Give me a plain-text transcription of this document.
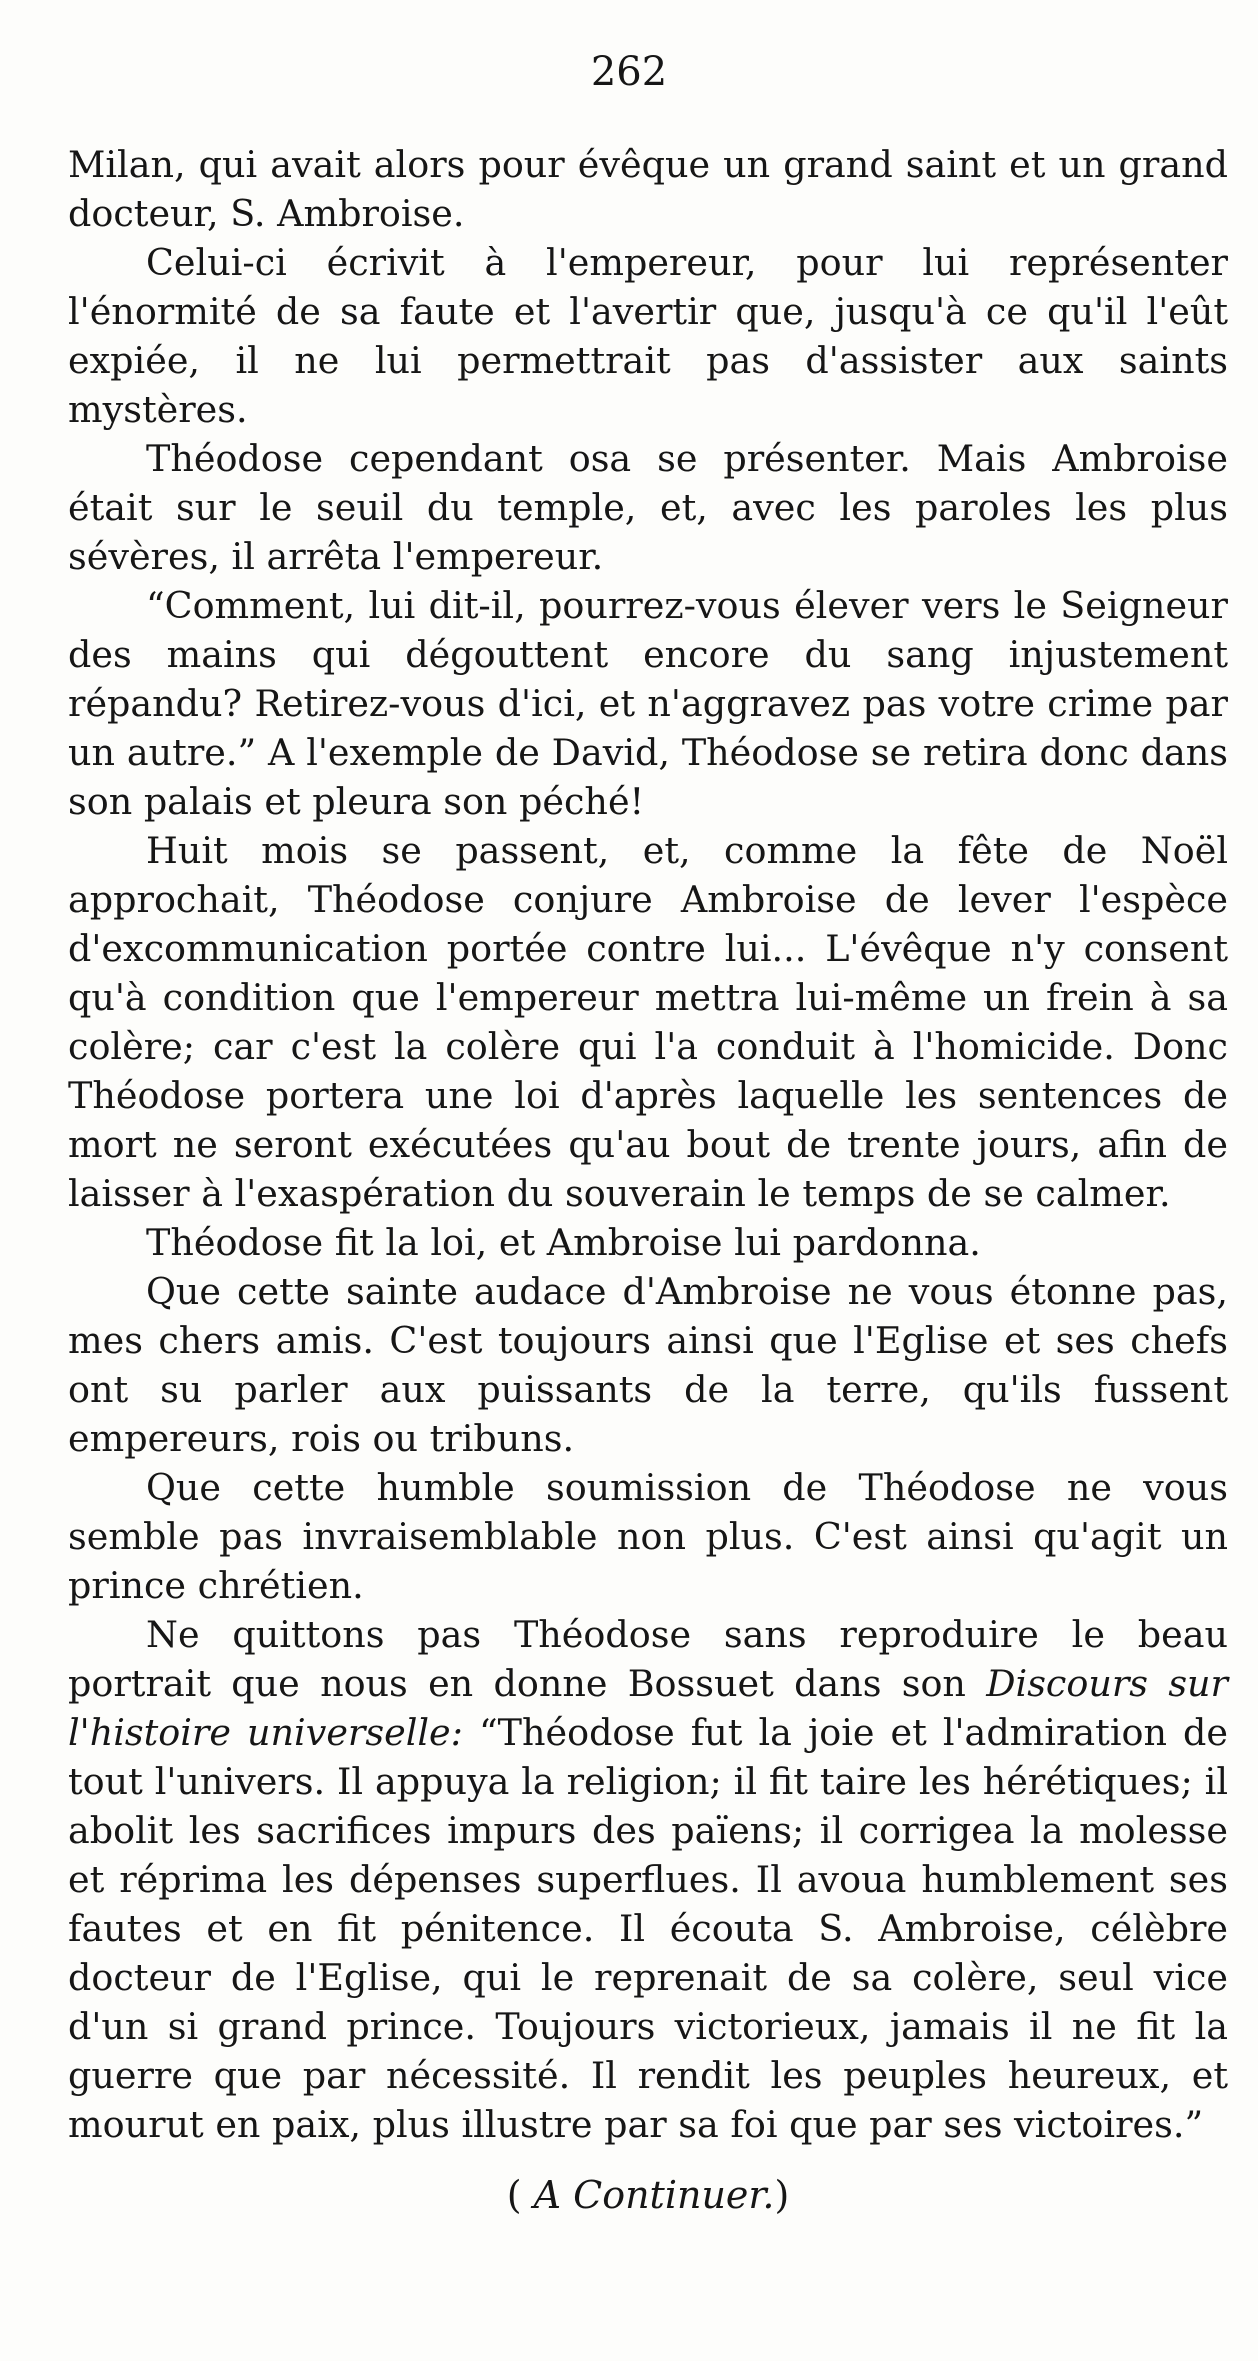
262

Milan, qui avait alors pour évêque un grand saint et un grand docteur, S. Ambroise.

Celui-ci écrivit à l'empereur, pour lui représenter l'énormité de sa faute et l'avertir que, jusqu'à ce qu'il l'eût expiée, il ne lui permettrait pas d'assister aux saints mystères.

Théodose cependant osa se présenter. Mais Ambroise était sur le seuil du temple, et, avec les paroles les plus sévères, il arrêta l'empereur.

“Comment, lui dit-il, pourrez-vous élever vers le Seigneur des mains qui dégouttent encore du sang injustement répandu? Retirez-vous d'ici, et n'aggravez pas votre crime par un autre.” A l'exemple de David, Théodose se retira donc dans son palais et pleura son péché!

Huit mois se passent, et, comme la fête de Noël approchait, Théodose conjure Ambroise de lever l'espèce d'excommunication portée contre lui... L'évêque n'y consent qu'à condition que l'empereur mettra lui-même un frein à sa colère; car c'est la colère qui l'a conduit à l'homicide. Donc Théodose portera une loi d'après laquelle les sentences de mort ne seront exécutées qu'au bout de trente jours, afin de laisser à l'exaspération du souverain le temps de se calmer.

Théodose fit la loi, et Ambroise lui pardonna.

Que cette sainte audace d'Ambroise ne vous étonne pas, mes chers amis. C'est toujours ainsi que l'Eglise et ses chefs ont su parler aux puissants de la terre, qu'ils fussent empereurs, rois ou tribuns.

Que cette humble soumission de Théodose ne vous semble pas invraisemblable non plus. C'est ainsi qu'agit un prince chrétien.

Ne quittons pas Théodose sans reproduire le beau portrait que nous en donne Bossuet dans son Discours sur l'histoire universelle: “Théodose fut la joie et l'admiration de tout l'univers. Il appuya la religion; il fit taire les hérétiques; il abolit les sacrifices impurs des païens; il corrigea la molesse et réprima les dépenses superflues. Il avoua humblement ses fautes et en fit pénitence. Il écouta S. Ambroise, célèbre docteur de l'Eglise, qui le reprenait de sa colère, seul vice d'un si grand prince. Toujours victorieux, jamais il ne fit la guerre que par nécessité. Il rendit les peuples heureux, et mourut en paix, plus illustre par sa foi que par ses victoires.”

( A Continuer.)
